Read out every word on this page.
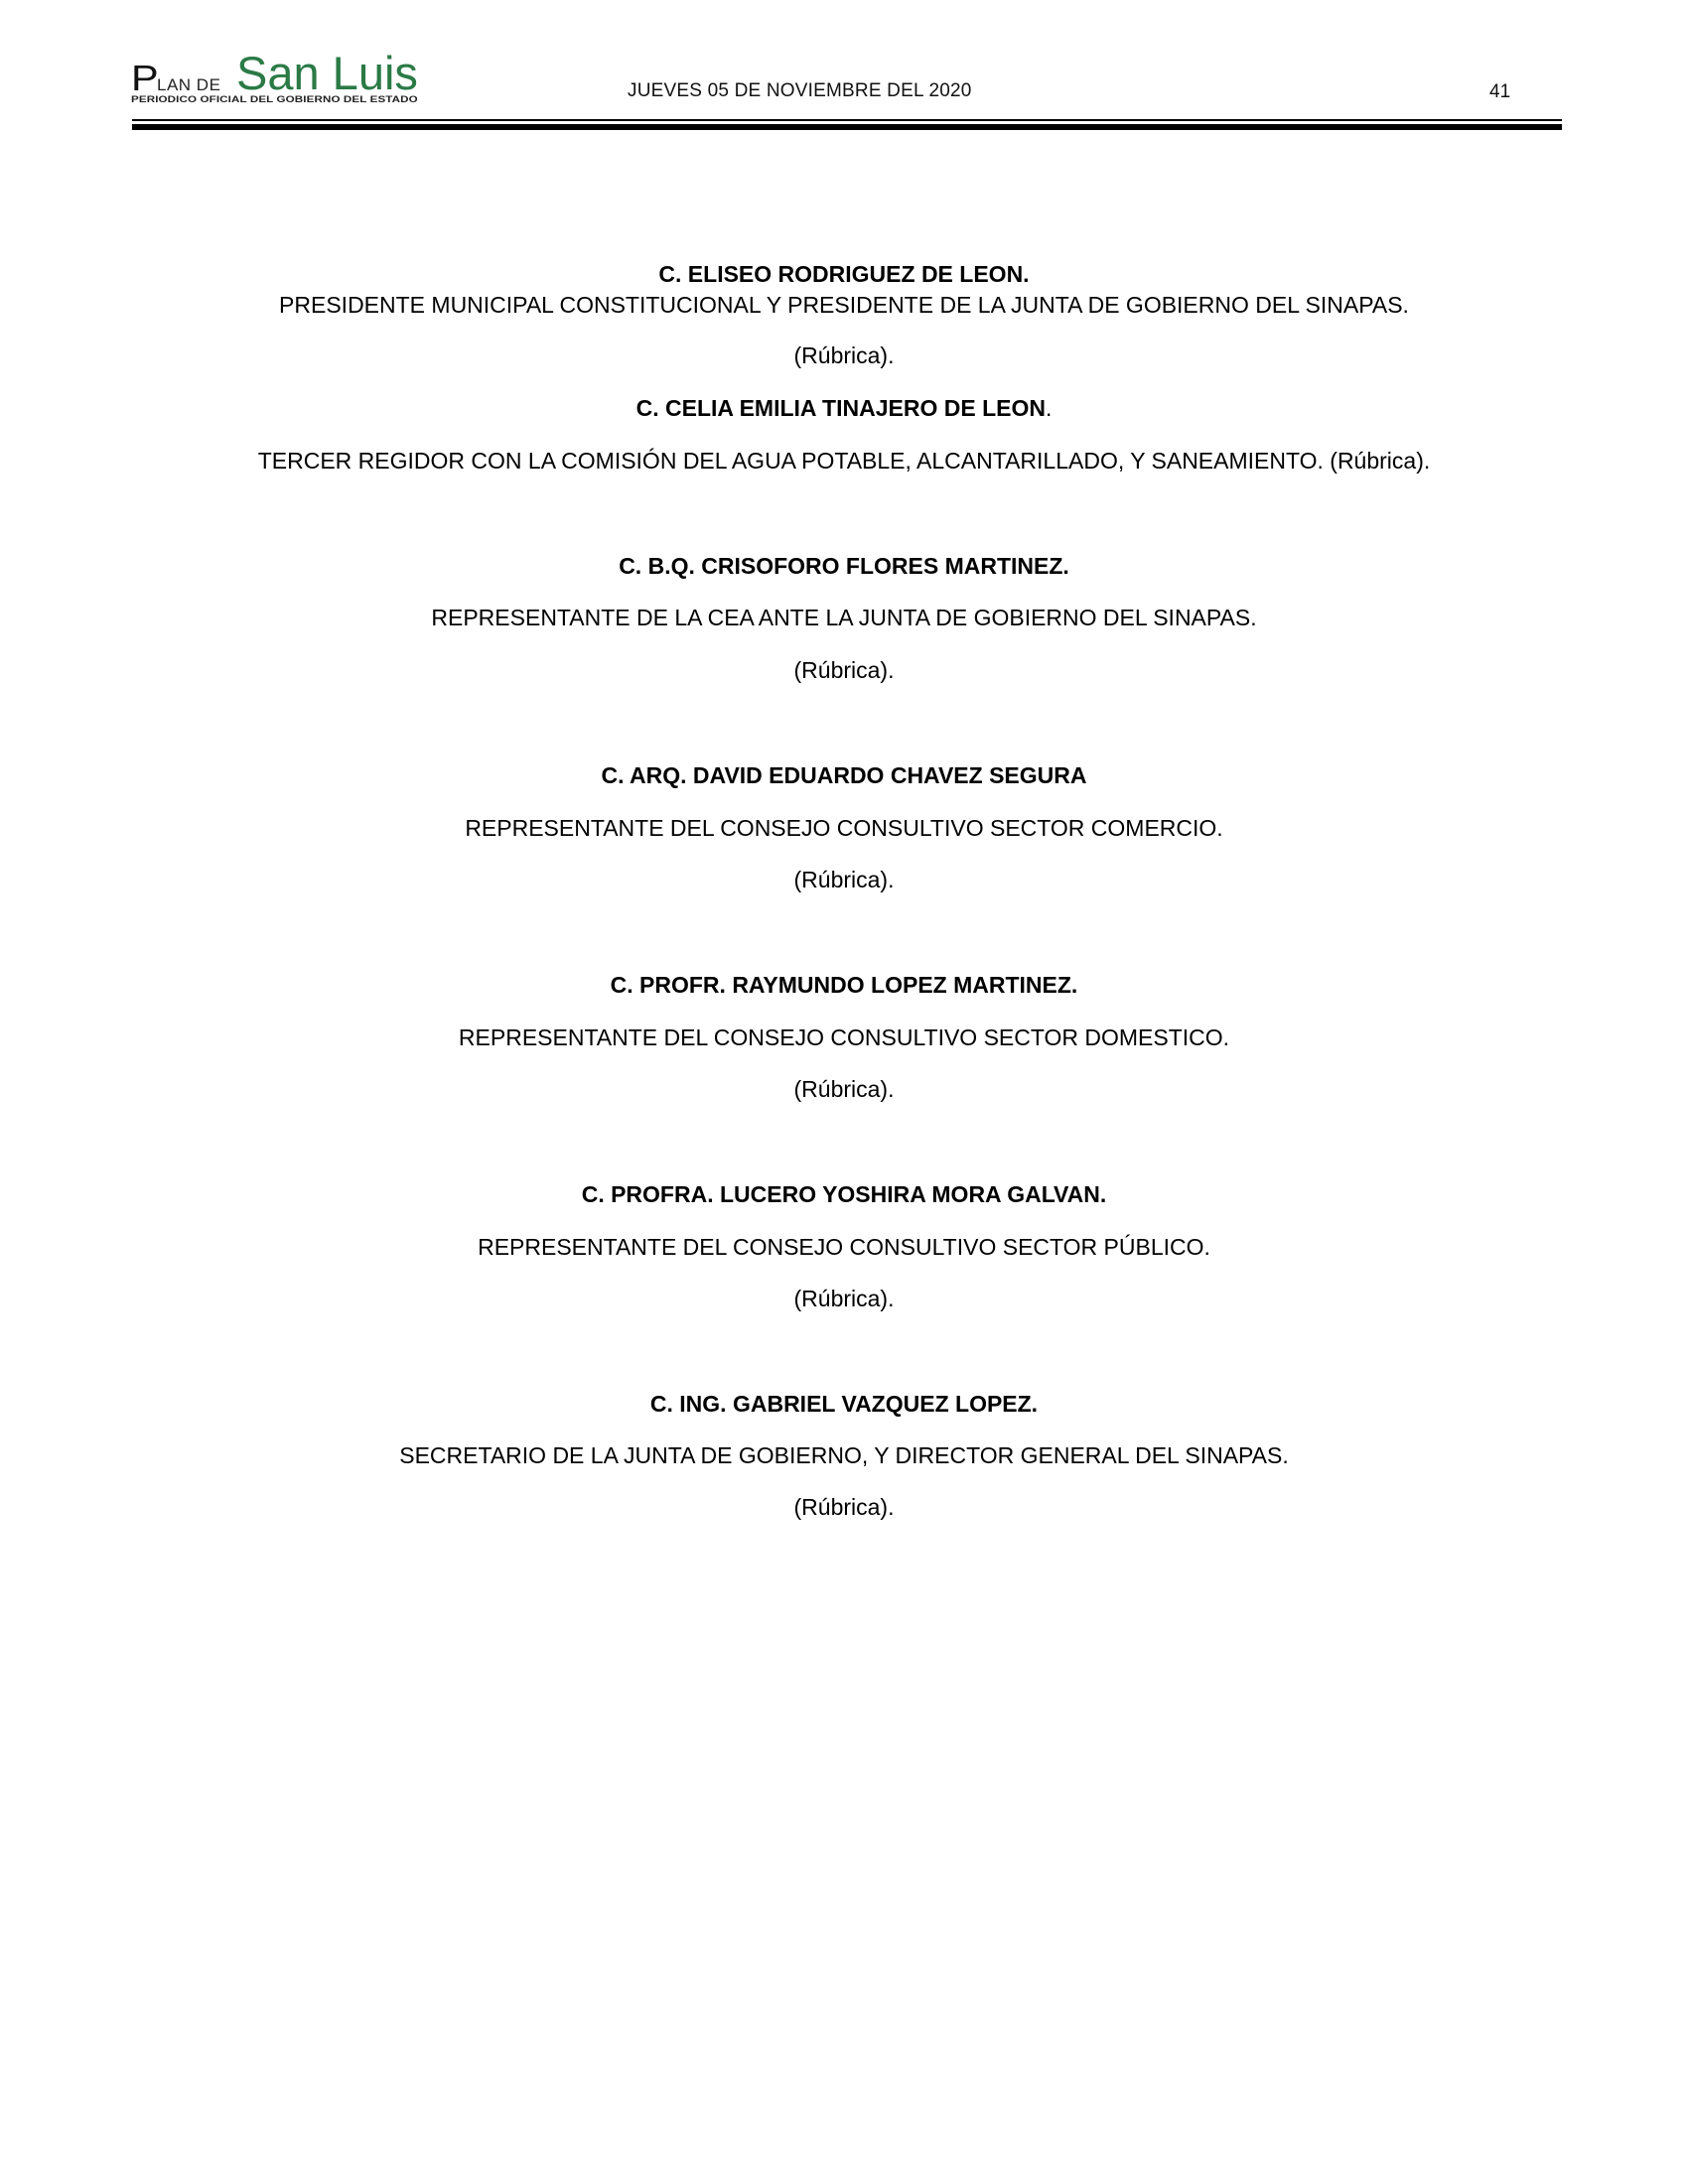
P
LAN DE San Luis
PERIODICO OFICIAL DEL GOBIERNO DEL ESTADO	JUEVES 05 DE NOVIEMBRE DEL 2020	41
C. ELISEO RODRIGUEZ DE LEON.
PRESIDENTE MUNICIPAL CONSTITUCIONAL Y PRESIDENTE DE LA JUNTA DE GOBIERNO DEL SINAPAS.
(Rúbrica).
C. CELIA EMILIA TINAJERO DE LEON.
TERCER REGIDOR CON LA COMISIÓN DEL AGUA POTABLE, ALCANTARILLADO, Y SANEAMIENTO. (Rúbrica).
C. B.Q. CRISOFORO FLORES MARTINEZ.
REPRESENTANTE DE LA CEA ANTE LA JUNTA DE GOBIERNO DEL SINAPAS.
(Rúbrica).
C. ARQ. DAVID EDUARDO CHAVEZ SEGURA
REPRESENTANTE DEL CONSEJO CONSULTIVO SECTOR COMERCIO.
(Rúbrica).
C. PROFR. RAYMUNDO LOPEZ MARTINEZ.
REPRESENTANTE DEL CONSEJO CONSULTIVO SECTOR DOMESTICO.
(Rúbrica).
C. PROFRA. LUCERO YOSHIRA MORA GALVAN.
REPRESENTANTE DEL CONSEJO CONSULTIVO SECTOR PÚBLICO.
(Rúbrica).
C. ING. GABRIEL VAZQUEZ LOPEZ.
SECRETARIO DE LA JUNTA DE GOBIERNO, Y DIRECTOR GENERAL DEL SINAPAS.
(Rúbrica).
